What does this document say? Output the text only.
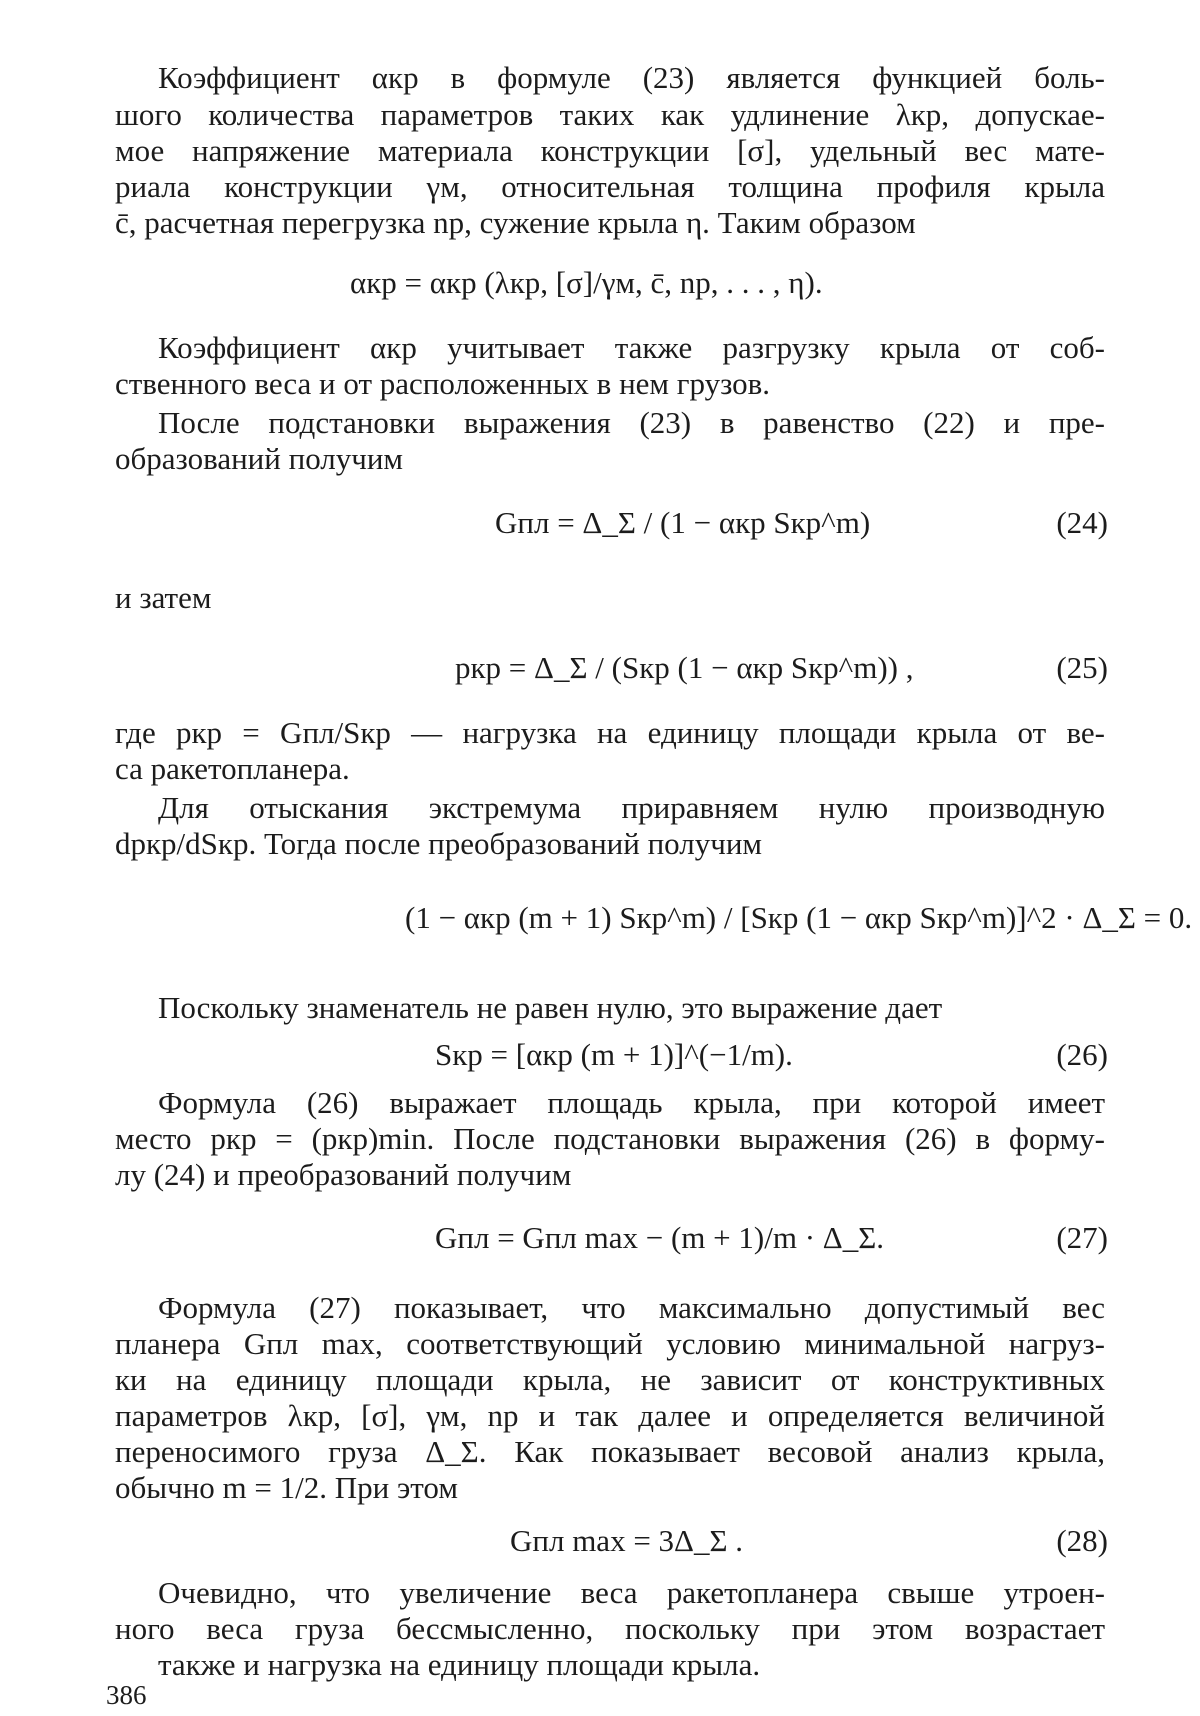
Коэффициент αкр в формуле (23) является функцией боль-
шого количества параметров таких как удлинение λкр, допускае-
мое напряжение материала конструкции [σ], удельный вес мате-
риала конструкции γм, относительная толщина профиля крыла
c̄, расчетная перегрузка nр, сужение крыла η. Таким образом
αкр = αкр (λкр, [σ]/γм, c̄, nр, . . . , η).
Коэффициент αкр учитывает также разгрузку крыла от соб-
ственного веса и от расположенных в нем грузов.
После подстановки выражения (23) в равенство (22) и пре-
образований получим
Gпл = Δ_Σ / (1 − αкр Sкр^m)	(24)
и затем
pкр = Δ_Σ / (Sкр (1 − αкр Sкр^m)) ,	(25)
где pкр = Gпл/Sкр — нагрузка на единицу площади крыла от ве-
са ракетопланера.
Для отыскания экстремума приравняем нулю производную
dpкр/dSкр. Тогда после преобразований получим
(1 − αкр (m + 1) Sкр^m) / [Sкр (1 − αкр Sкр^m)]^2 · Δ_Σ = 0.
Поскольку знаменатель не равен нулю, это выражение дает
Sкр = [αкр (m + 1)]^(−1/m).	(26)
Формула (26) выражает площадь крыла, при которой имеет
место pкр = (pкр)min. После подстановки выражения (26) в форму-
лу (24) и преобразований получим
Gпл = Gпл max − (m + 1)/m · Δ_Σ.	(27)
Формула (27) показывает, что максимально допустимый вес
планера Gпл max, соответствующий условию минимальной нагруз-
ки на единицу площади крыла, не зависит от конструктивных
параметров λкр, [σ], γм, nр и так далее и определяется величиной
переносимого груза Δ_Σ. Как показывает весовой анализ крыла,
обычно m = 1/2. При этом
Gпл max = 3Δ_Σ .	(28)
Очевидно, что увеличение веса ракетопланера свыше утроен-
ного веса груза бессмысленно, поскольку при этом возрастает
также и нагрузка на единицу площади крыла.
386
